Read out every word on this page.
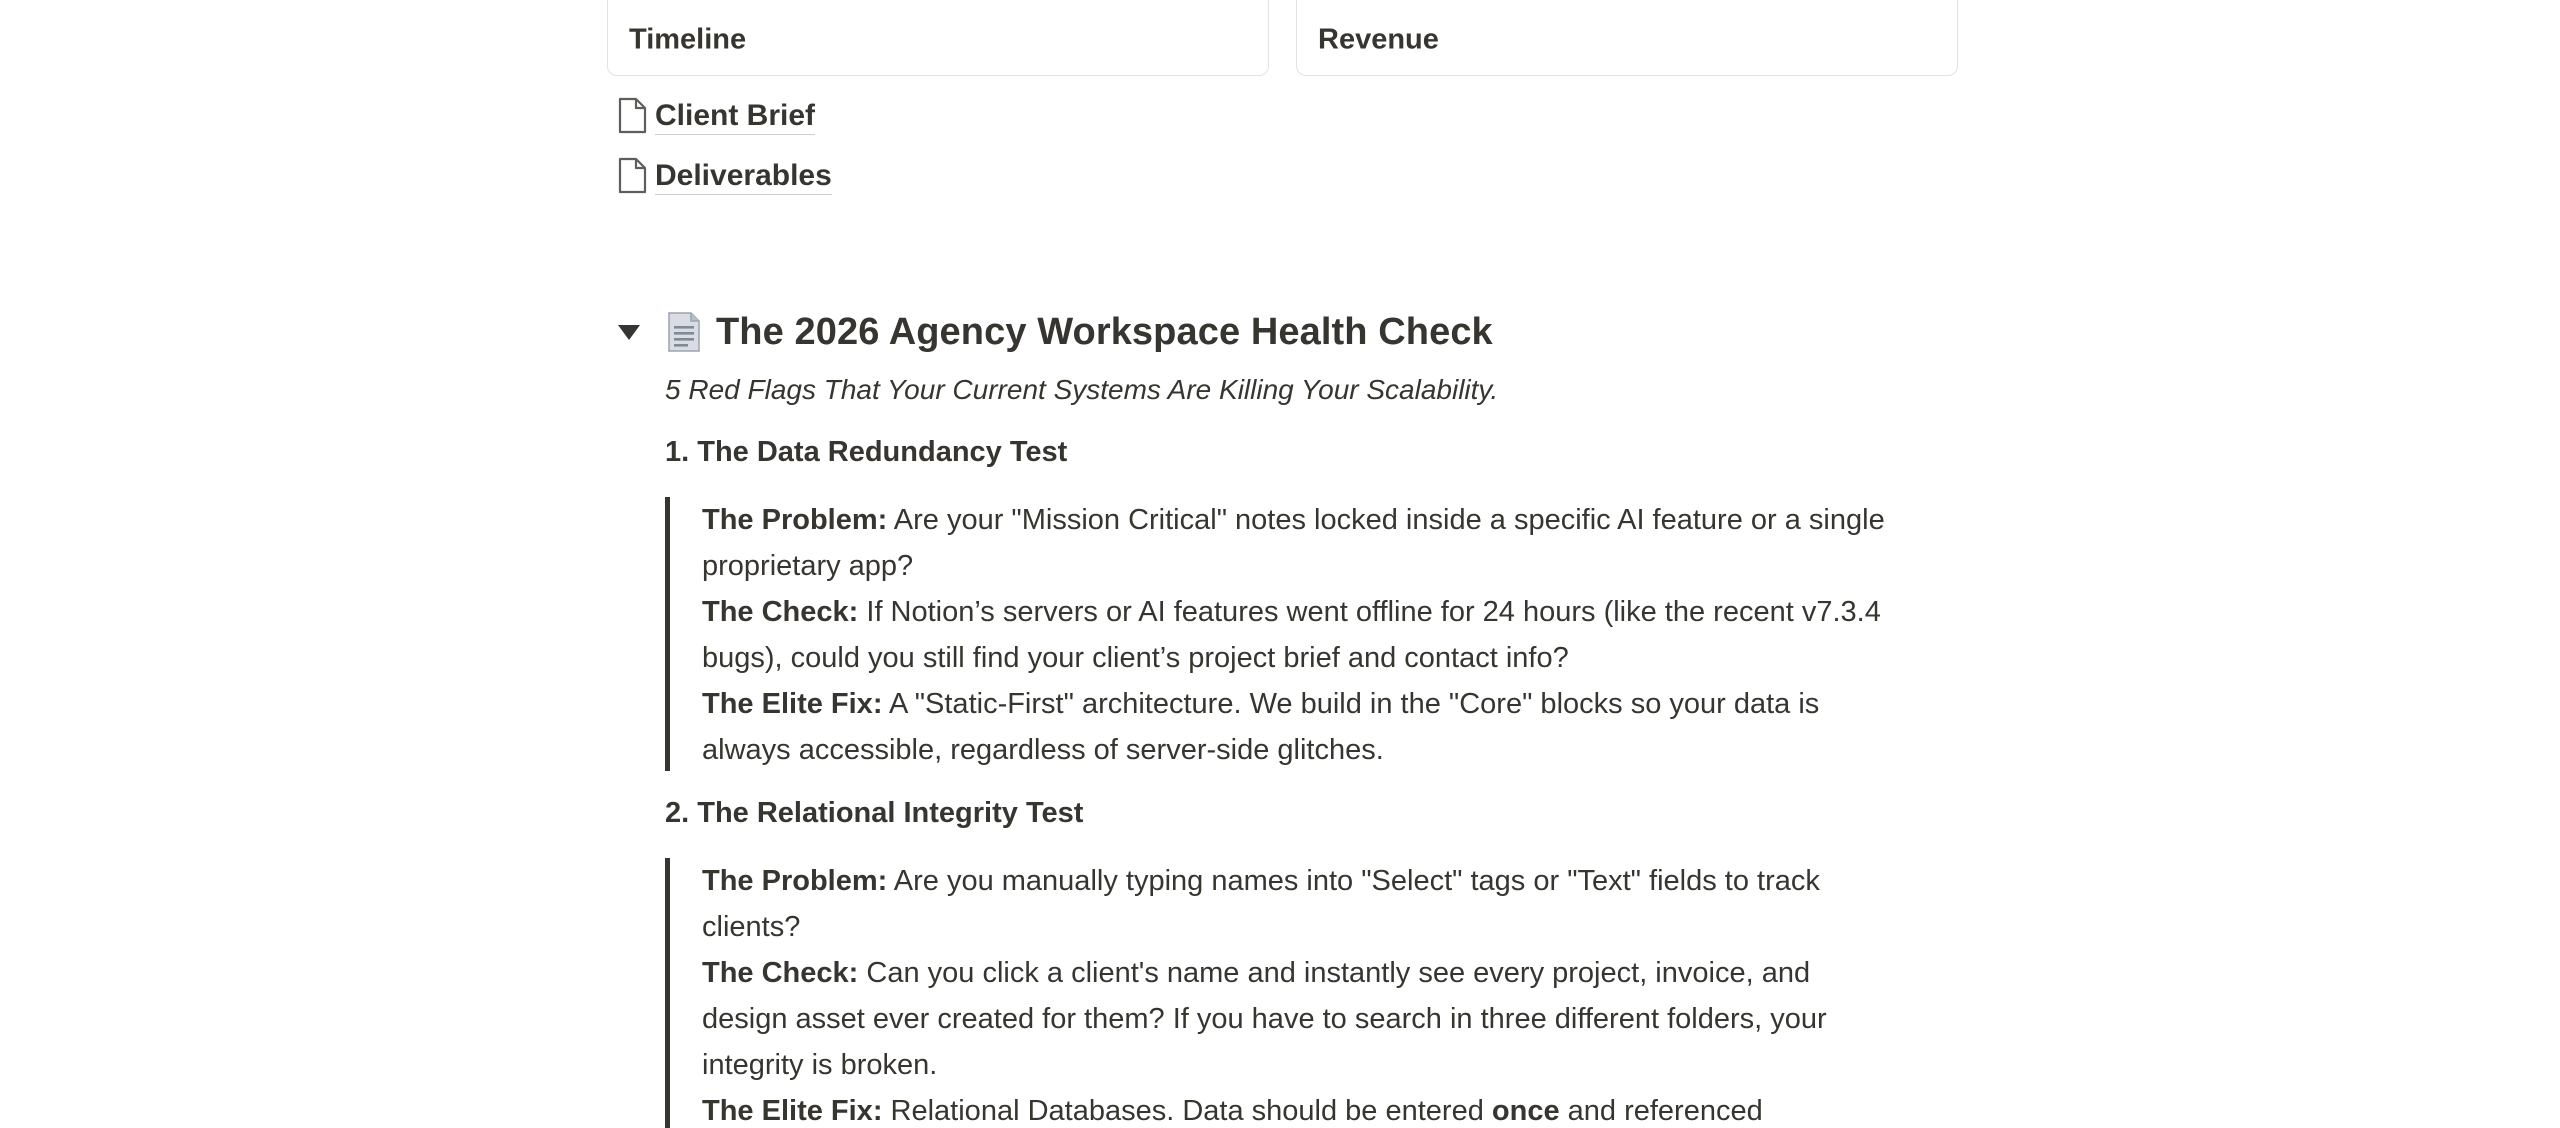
Timeline	Revenue
Client Brief
Deliverables
The 2026 Agency Workspace Health Check
5 Red Flags That Your Current Systems Are Killing Your Scalability.
1. The Data Redundancy Test

The Problem: Are your "Mission Critical" notes locked inside a specific AI feature or a single proprietary app?

The Check: If Notion’s servers or AI features went offline for 24 hours (like the recent v7.3.4 bugs), could you still find your client’s project brief and contact info?

The Elite Fix: A "Static-First" architecture. We build in the "Core" blocks so your data is always accessible, regardless of server-side glitches.

2. The Relational Integrity Test

The Problem: Are you manually typing names into "Select" tags or "Text" fields to track clients?

The Check: Can you click a client's name and instantly see every project, invoice, and design asset ever created for them? If you have to search in three different folders, your integrity is broken.

The Elite Fix: Relational Databases. Data should be entered once and referenced
